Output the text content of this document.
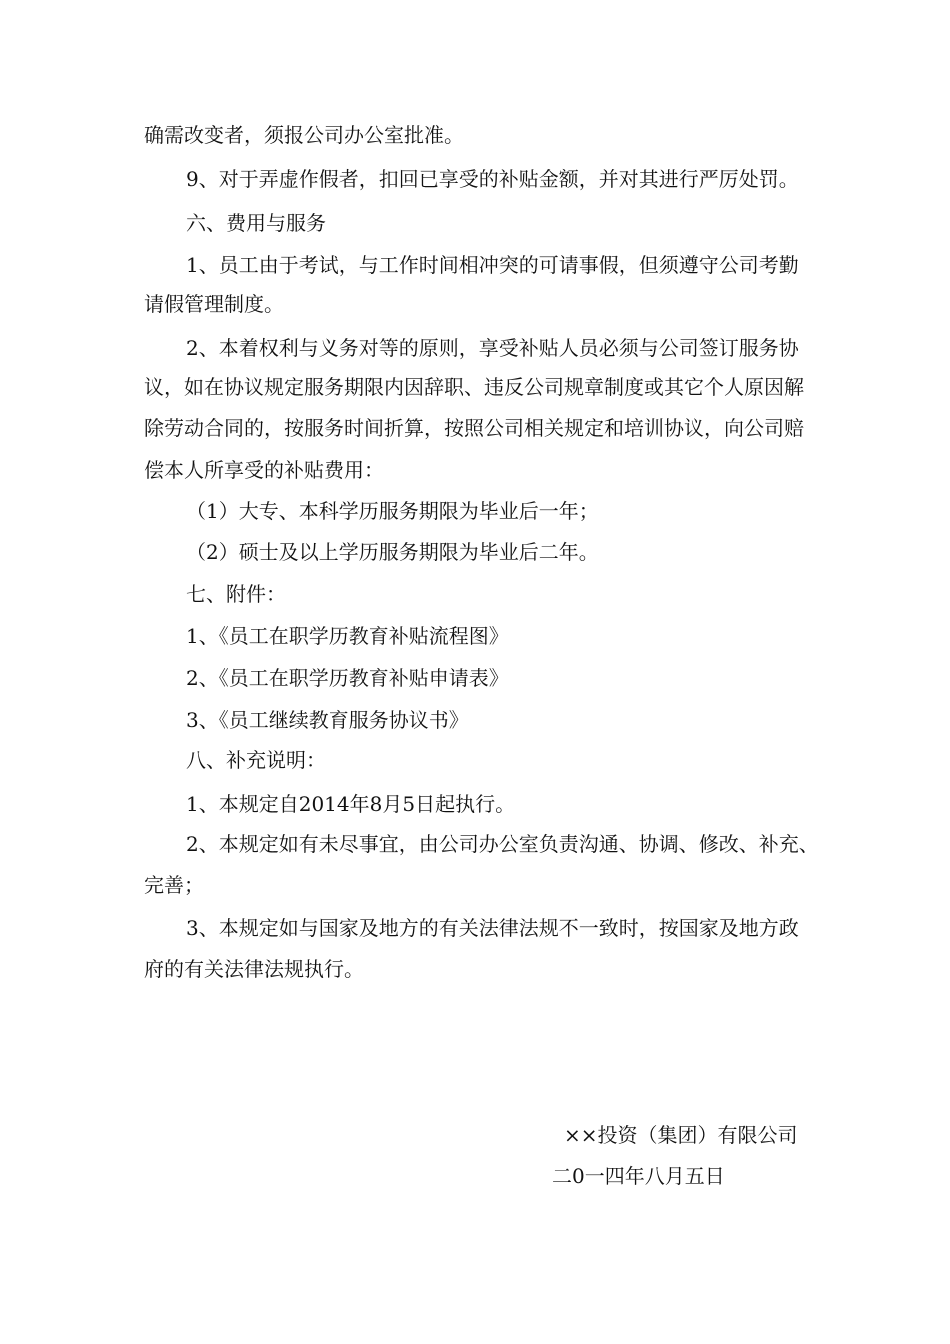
确需改变者，须报公司办公室批准。
9、对于弄虚作假者，扣回已享受的补贴金额，并对其进行严厉处罚。
六、费用与服务
1、员工由于考试，与工作时间相冲突的可请事假，但须遵守公司考勤
请假管理制度。
2、本着权利与义务对等的原则，享受补贴人员必须与公司签订服务协
议，如在协议规定服务期限内因辞职、违反公司规章制度或其它个人原因解
除劳动合同的，按服务时间折算，按照公司相关规定和培训协议，向公司赔
偿本人所享受的补贴费用：
（1）大专、本科学历服务期限为毕业后一年；
（2）硕士及以上学历服务期限为毕业后二年。
七、附件：
1、《员工在职学历教育补贴流程图》
2、《员工在职学历教育补贴申请表》
3、《员工继续教育服务协议书》
八、补充说明：
1、本规定自2014年8月5日起执行。
2、本规定如有未尽事宜，由公司办公室负责沟通、协调、修改、补充、
完善；
3、本规定如与国家及地方的有关法律法规不一致时，按国家及地方政
府的有关法律法规执行。
××投资（集团）有限公司
二0一四年八月五日
